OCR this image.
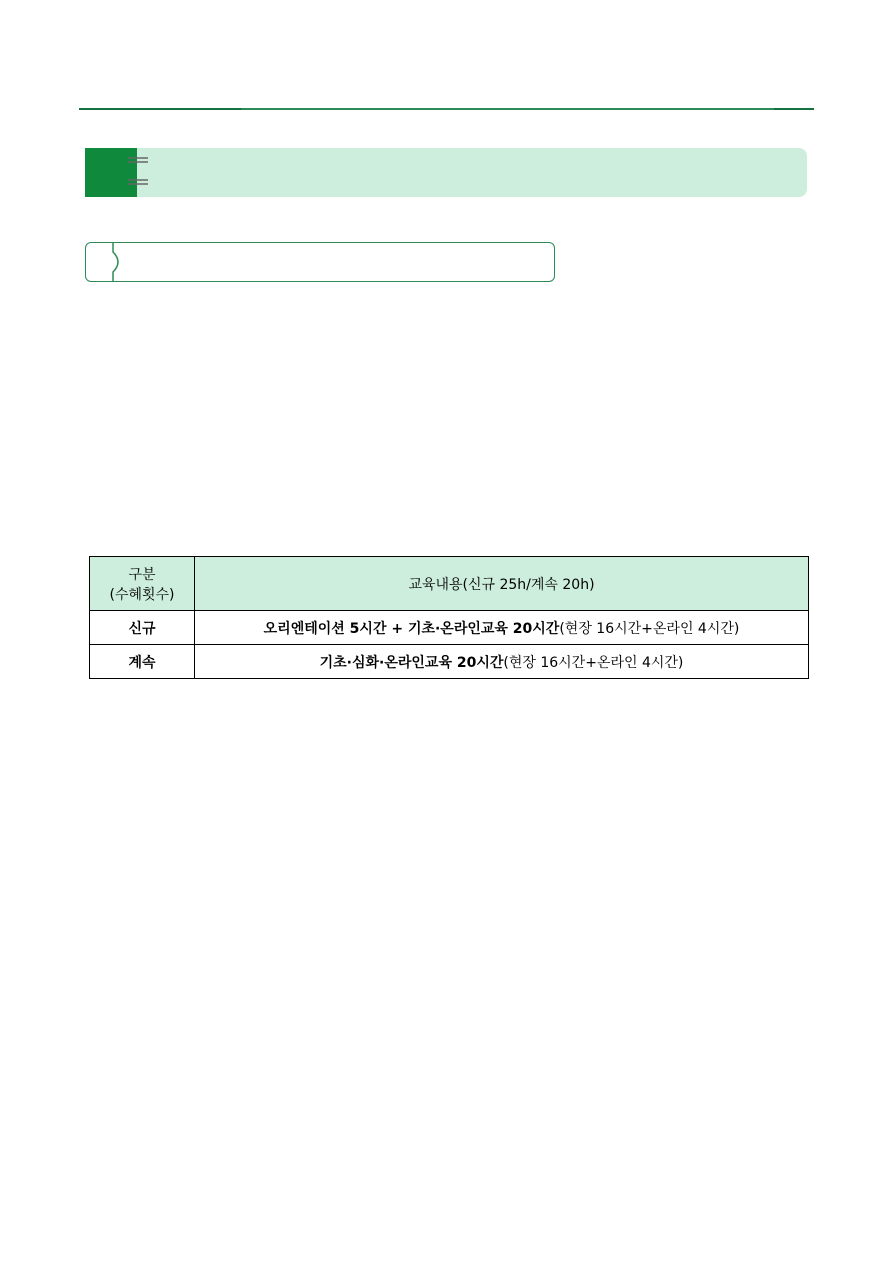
구분
(수혜횟수)	교육내용(신규 25h/계속 20h)
신규	오리엔테이션 5시간 + 기초·온라인교육 20시간(현장 16시간+온라인 4시간)
계속	기초·심화·온라인교육 20시간(현장 16시간+온라인 4시간)
